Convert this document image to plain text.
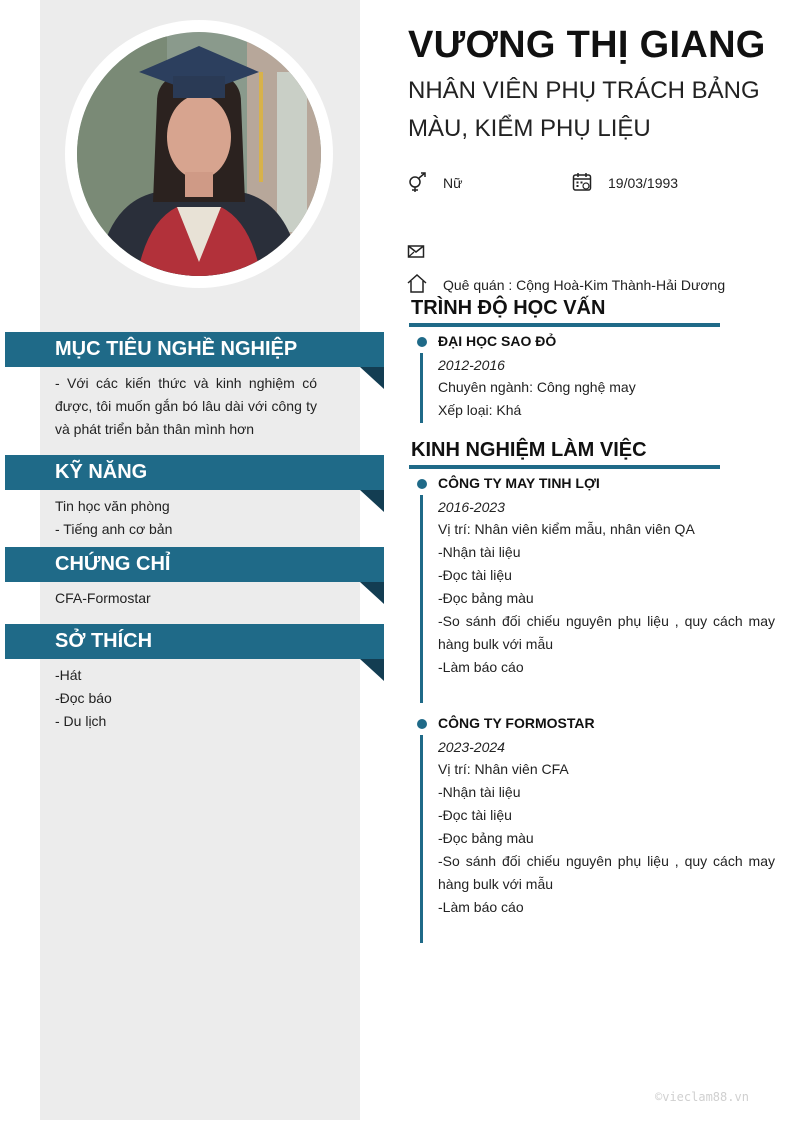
MỤC TIÊU NGHỀ NGHIỆP
- Với các kiến thức và kinh nghiệm có được, tôi muốn gắn bó lâu dài với công ty và phát triển bản thân mình hơn
KỸ NĂNG
Tin học văn phòng
- Tiếng anh cơ bản
CHỨNG CHỈ
CFA-Formostar
SỞ THÍCH
-Hát
-Đọc báo
- Du lịch
VƯƠNG THỊ GIANG
NHÂN VIÊN PHỤ TRÁCH BẢNG MÀU, KIỂM PHỤ LIỆU
Nữ	19/03/1993
Quê quán : Cộng Hoà-Kim Thành-Hải Dương
TRÌNH ĐỘ HỌC VẤN
ĐẠI HỌC SAO ĐỎ
2012-2016
Chuyên ngành: Công nghệ may
Xếp loại: Khá
KINH NGHIỆM LÀM VIỆC
CÔNG TY MAY TINH LỢI
2016-2023
Vị trí: Nhân viên kiểm mẫu, nhân viên QA
-Nhận tài liệu
-Đọc tài liệu
-Đọc bảng màu
-So sánh đối chiếu nguyên phụ liệu , quy cách may hàng bulk với mẫu
-Làm báo cáo
CÔNG TY FORMOSTAR
2023-2024
Vị trí: Nhân viên CFA
-Nhận tài liệu
-Đọc tài liệu
-Đọc bảng màu
-So sánh đối chiếu nguyên phụ liệu , quy cách may hàng bulk với mẫu
-Làm báo cáo
©vieclam88.vn
